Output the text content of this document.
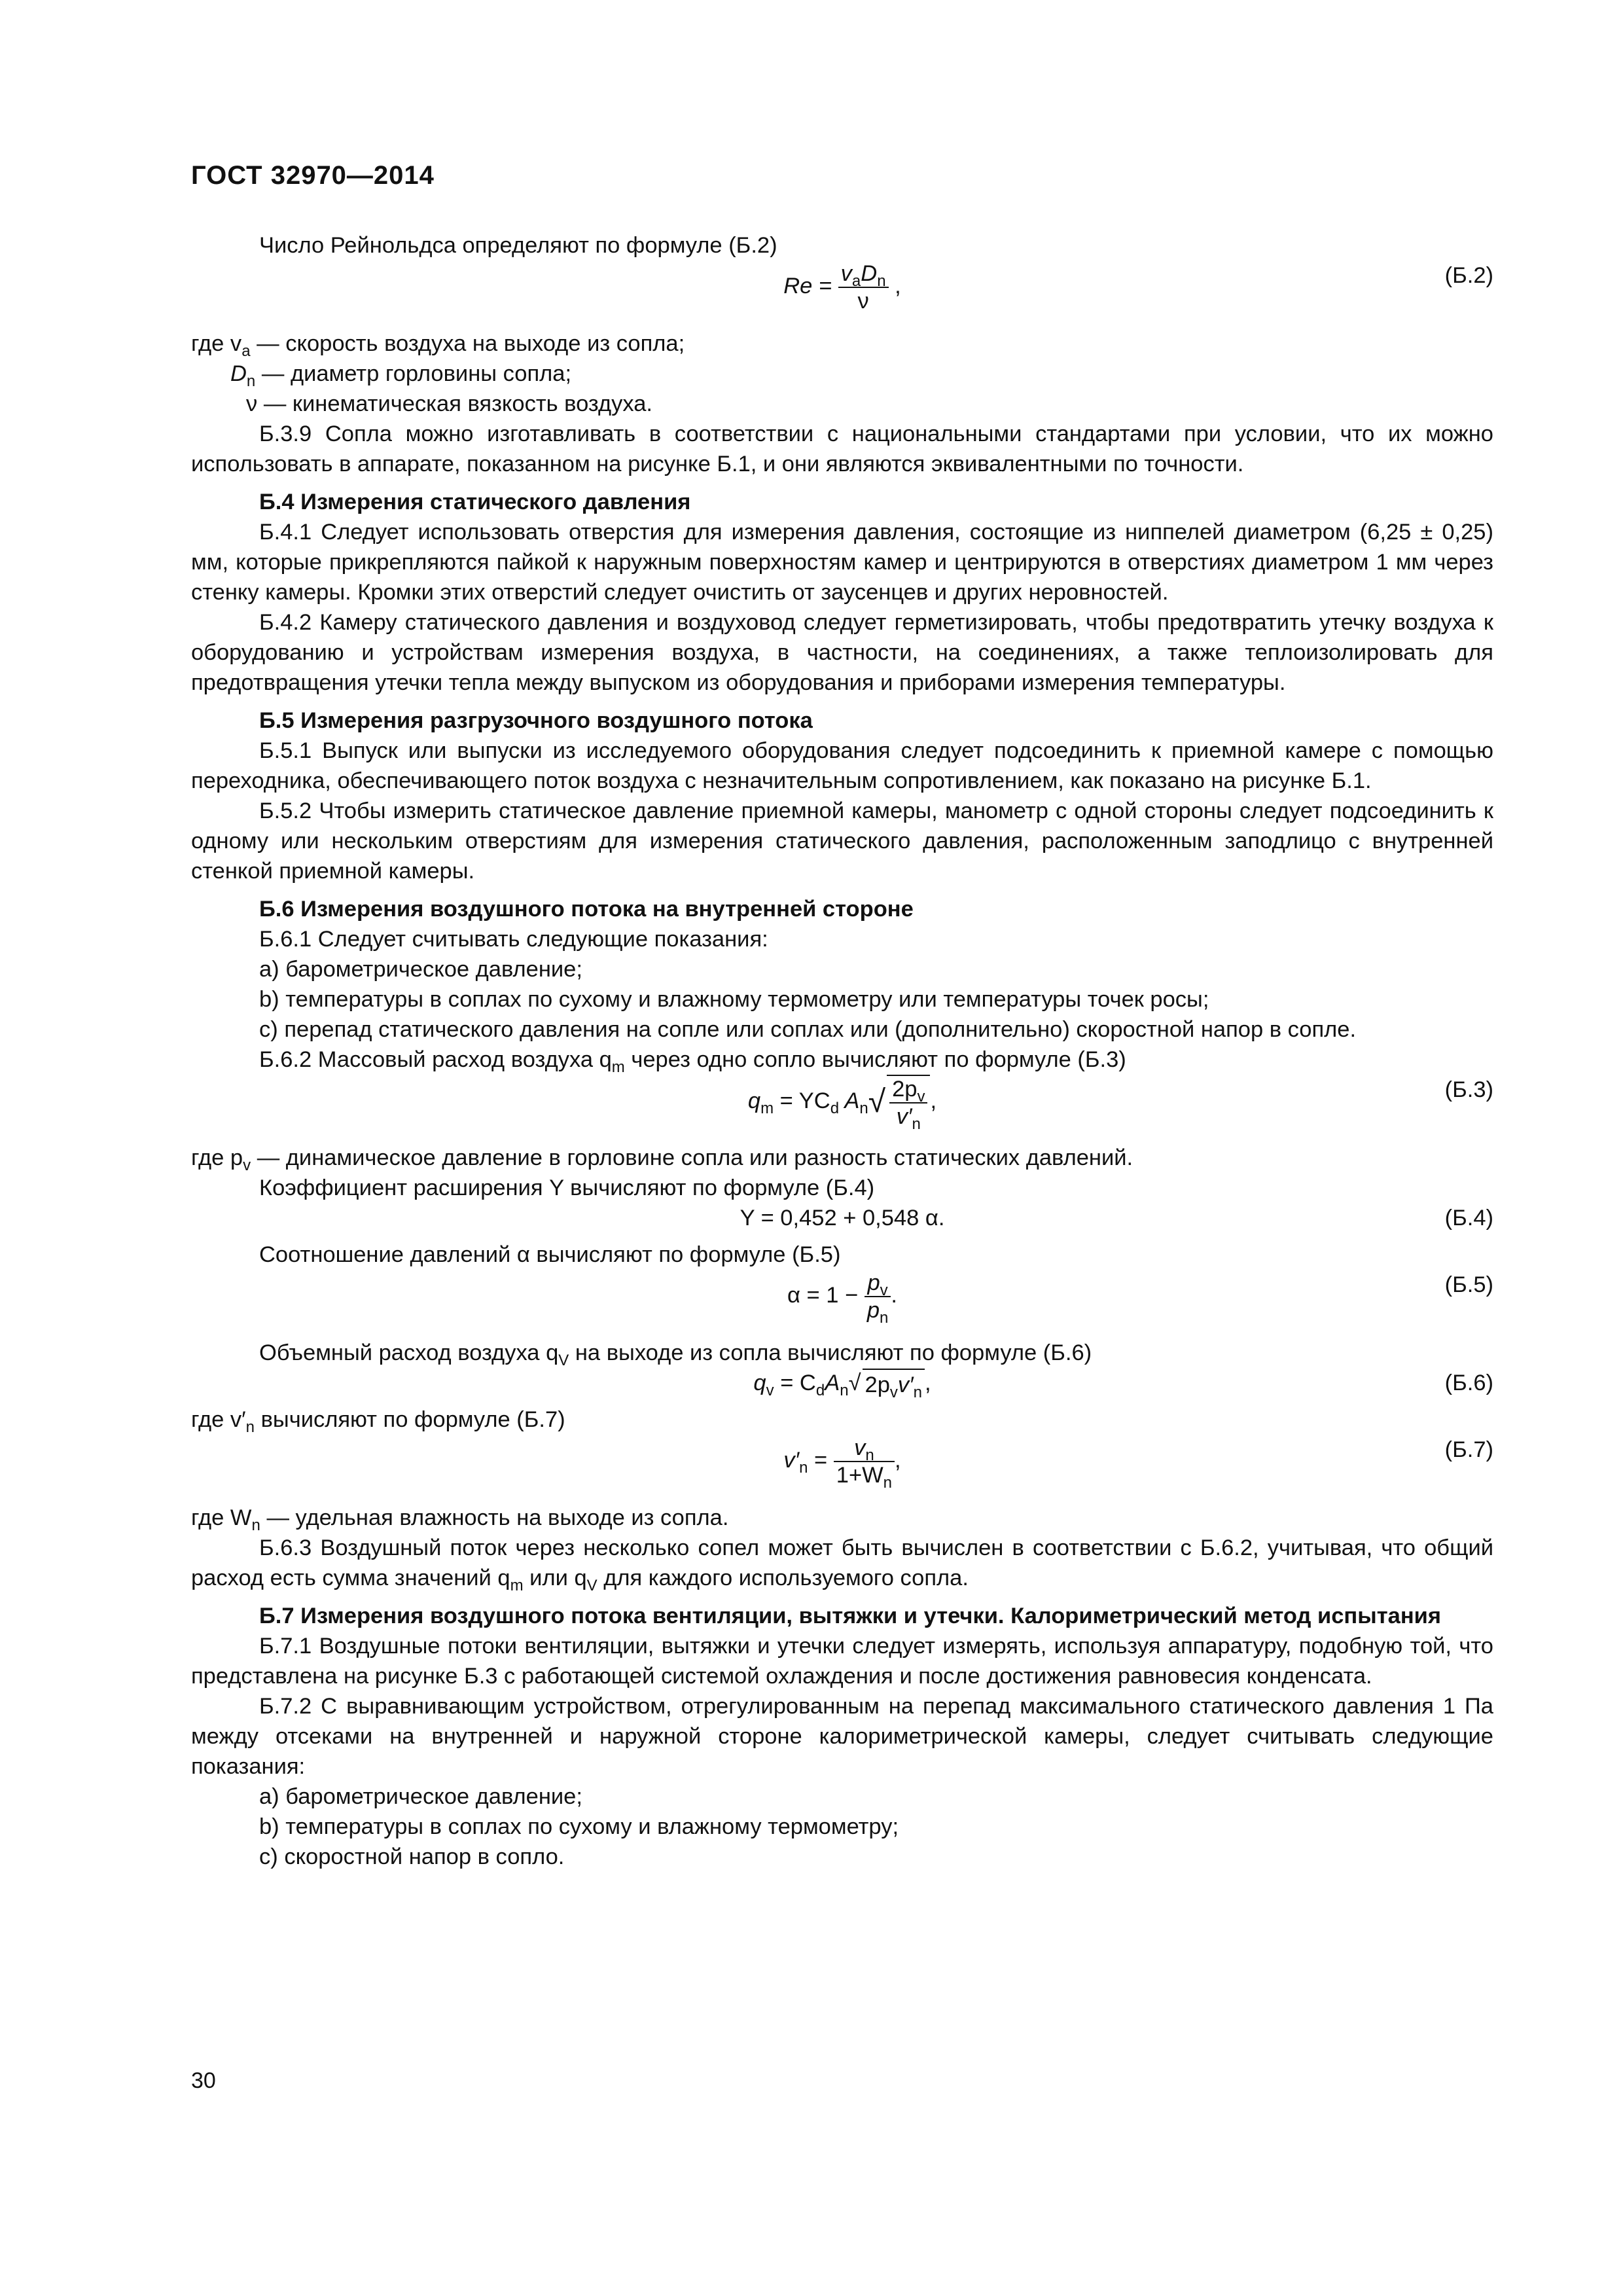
ГОСТ 32970—2014

Число Рейнольдса определяют по формуле (Б.2)

$Re = \frac{v_aD_n}{\nu}$ ,	(Б.2)

где $v_a$ — скорость воздуха на выходе из сопла;

$D_n$ — диаметр горловины сопла;

ν — кинематическая вязкость воздуха.

Б.3.9 Сопла можно изготавливать в соответствии с национальными стандартами при условии, что их можно использовать в аппарате, показанном на рисунке Б.1, и они являются эквивалентными по точности.

Б.4 Измерения статического давления

Б.4.1 Следует использовать отверстия для измерения давления, состоящие из ниппелей диаметром (6,25 ± 0,25) мм, которые прикрепляются пайкой к наружным поверхностям камер и центрируются в отверстиях диаметром 1 мм через стенку камеры. Кромки этих отверстий следует очистить от заусенцев и других неровностей.

Б.4.2 Камеру статического давления и воздуховод следует герметизировать, чтобы предотвратить утечку воздуха к оборудованию и устройствам измерения воздуха, в частности, на соединениях, а также теплоизолировать для предотвращения утечки тепла между выпуском из оборудования и приборами измерения температуры.

Б.5 Измерения разгрузочного воздушного потока

Б.5.1 Выпуск или выпуски из исследуемого оборудования следует подсоединить к приемной камере с помощью переходника, обеспечивающего поток воздуха с незначительным сопротивлением, как показано на рисунке Б.1.

Б.5.2 Чтобы измерить статическое давление приемной камеры, манометр с одной стороны следует подсоединить к одному или нескольким отверстиям для измерения статического давления, расположенным заподлицо с внутренней стенкой приемной камеры.

Б.6 Измерения воздушного потока на внутренней стороне

Б.6.1 Следует считывать следующие показания:

a) барометрическое давление;

b) температуры в соплах по сухому и влажному термометру или температуры точек росы;

c) перепад статического давления на сопле или соплах или (дополнительно) скоростной напор в сопле.

Б.6.2 Массовый расход воздуха $q_m$ через одно сопло вычисляют по формуле (Б.3)

$q_m = YC_d$ $A_n√ \frac{2p_v}{v'_n}$ ,	(Б.3)

где $p_v$ — динамическое давление в горловине сопла или разность статических давлений.

Коэффициент расширения Y вычисляют по формуле (Б.4)

Y = 0,452 + 0,548 α.	(Б.4)

Соотношение давлений α вычисляют по формуле (Б.5)

$\alpha = 1 - \frac{p_v}{p_n}$ .	(Б.5)

Объемный расход воздуха $q_V$ на выходе из сопла вычисляют по формуле (Б.6)

$q_v = C_dA_n√$ $2p_vv'_n$ ,	(Б.6)

где $v'_n$ вычисляют по формуле (Б.7)

$v'_n = \frac{v_n}{1+W_n}$ ,	(Б.7)

где $W_n$ — удельная влажность на выходе из сопла.

Б.6.3 Воздушный поток через несколько сопел может быть вычислен в соответствии с Б.6.2, учитывая, что общий расход есть сумма значений $q_m$ или $q_V$ для каждого используемого сопла.

Б.7 Измерения воздушного потока вентиляции, вытяжки и утечки. Калориметрический метод испытания

Б.7.1 Воздушные потоки вентиляции, вытяжки и утечки следует измерять, используя аппаратуру, подобную той, что представлена на рисунке Б.3 с работающей системой охлаждения и после достижения равновесия конденсата.

Б.7.2 С выравнивающим устройством, отрегулированным на перепад максимального статического давления 1 Па между отсеками на внутренней и наружной стороне калориметрической камеры, следует считывать следующие показания:

a) барометрическое давление;

b) температуры в соплах по сухому и влажному термометру;

c) скоростной напор в сопло.

30
